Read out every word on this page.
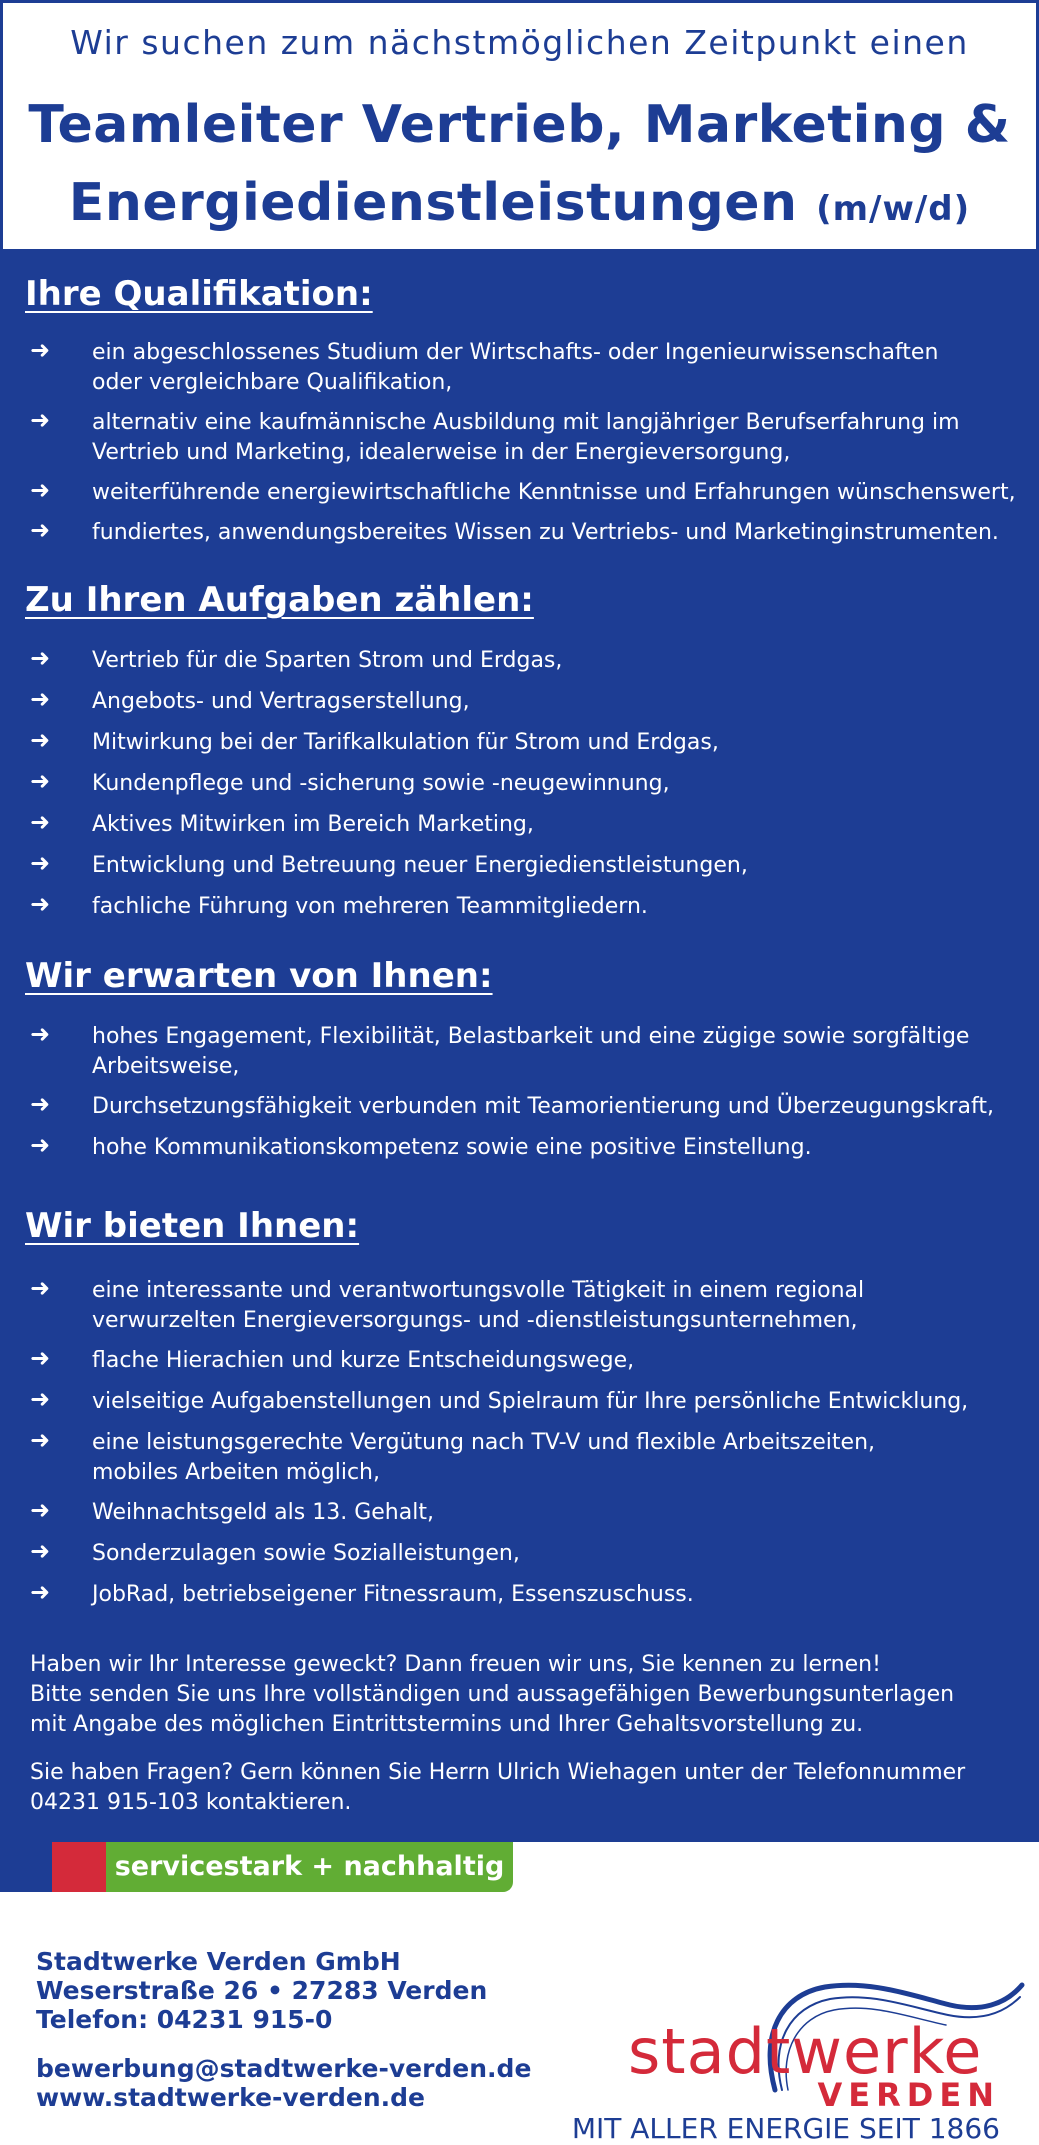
Wir suchen zum nächstmöglichen Zeitpunkt einen
Teamleiter Vertrieb, Marketing &
Energiedienstleistungen (m/w/d)
Ihre Qualifikation:
➜ ein abgeschlossenes Studium der Wirtschafts- oder Ingenieurwissenschaften
oder vergleichbare Qualifikation,
➜ alternativ eine kaufmännische Ausbildung mit langjähriger Berufserfahrung im
Vertrieb und Marketing, idealerweise in der Energieversorgung,
➜ weiterführende energiewirtschaftliche Kenntnisse und Erfahrungen wünschenswert,
➜ fundiertes, anwendungsbereites Wissen zu Vertriebs- und Marketinginstrumenten.
Zu Ihren Aufgaben zählen:
➜ Vertrieb für die Sparten Strom und Erdgas,
➜ Angebots- und Vertragserstellung,
➜ Mitwirkung bei der Tarifkalkulation für Strom und Erdgas,
➜ Kundenpflege und -sicherung sowie -neugewinnung,
➜ Aktives Mitwirken im Bereich Marketing,
➜ Entwicklung und Betreuung neuer Energiedienstleistungen,
➜ fachliche Führung von mehreren Teammitgliedern.
Wir erwarten von Ihnen:
➜ hohes Engagement, Flexibilität, Belastbarkeit und eine zügige sowie sorgfältige
Arbeitsweise,
➜ Durchsetzungsfähigkeit verbunden mit Teamorientierung und Überzeugungskraft,
➜ hohe Kommunikationskompetenz sowie eine positive Einstellung.
Wir bieten Ihnen:
➜ eine interessante und verantwortungsvolle Tätigkeit in einem regional
verwurzelten Energieversorgungs- und -dienstleistungsunternehmen,
➜ flache Hierachien und kurze Entscheidungswege,
➜ vielseitige Aufgabenstellungen und Spielraum für Ihre persönliche Entwicklung,
➜ eine leistungsgerechte Vergütung nach TV-V und flexible Arbeitszeiten,
mobiles Arbeiten möglich,
➜ Weihnachtsgeld als 13. Gehalt,
➜ Sonderzulagen sowie Sozialleistungen,
➜ JobRad, betriebseigener Fitnessraum, Essenszuschuss.
Haben wir Ihr Interesse geweckt? Dann freuen wir uns, Sie kennen zu lernen!
Bitte senden Sie uns Ihre vollständigen und aussagefähigen Bewerbungsunterlagen
mit Angabe des möglichen Eintrittstermins und Ihrer Gehaltsvorstellung zu.
Sie haben Fragen? Gern können Sie Herrn Ulrich Wiehagen unter der Telefonnummer
04231 915-103 kontaktieren.
servicestark + nachhaltig
Stadtwerke Verden GmbH
Weserstraße 26 • 27283 Verden
Telefon: 04231 915-0
bewerbung@stadtwerke-verden.de
www.stadtwerke-verden.de
stadtwerke
VERDEN
MIT ALLER ENERGIE SEIT 1866
